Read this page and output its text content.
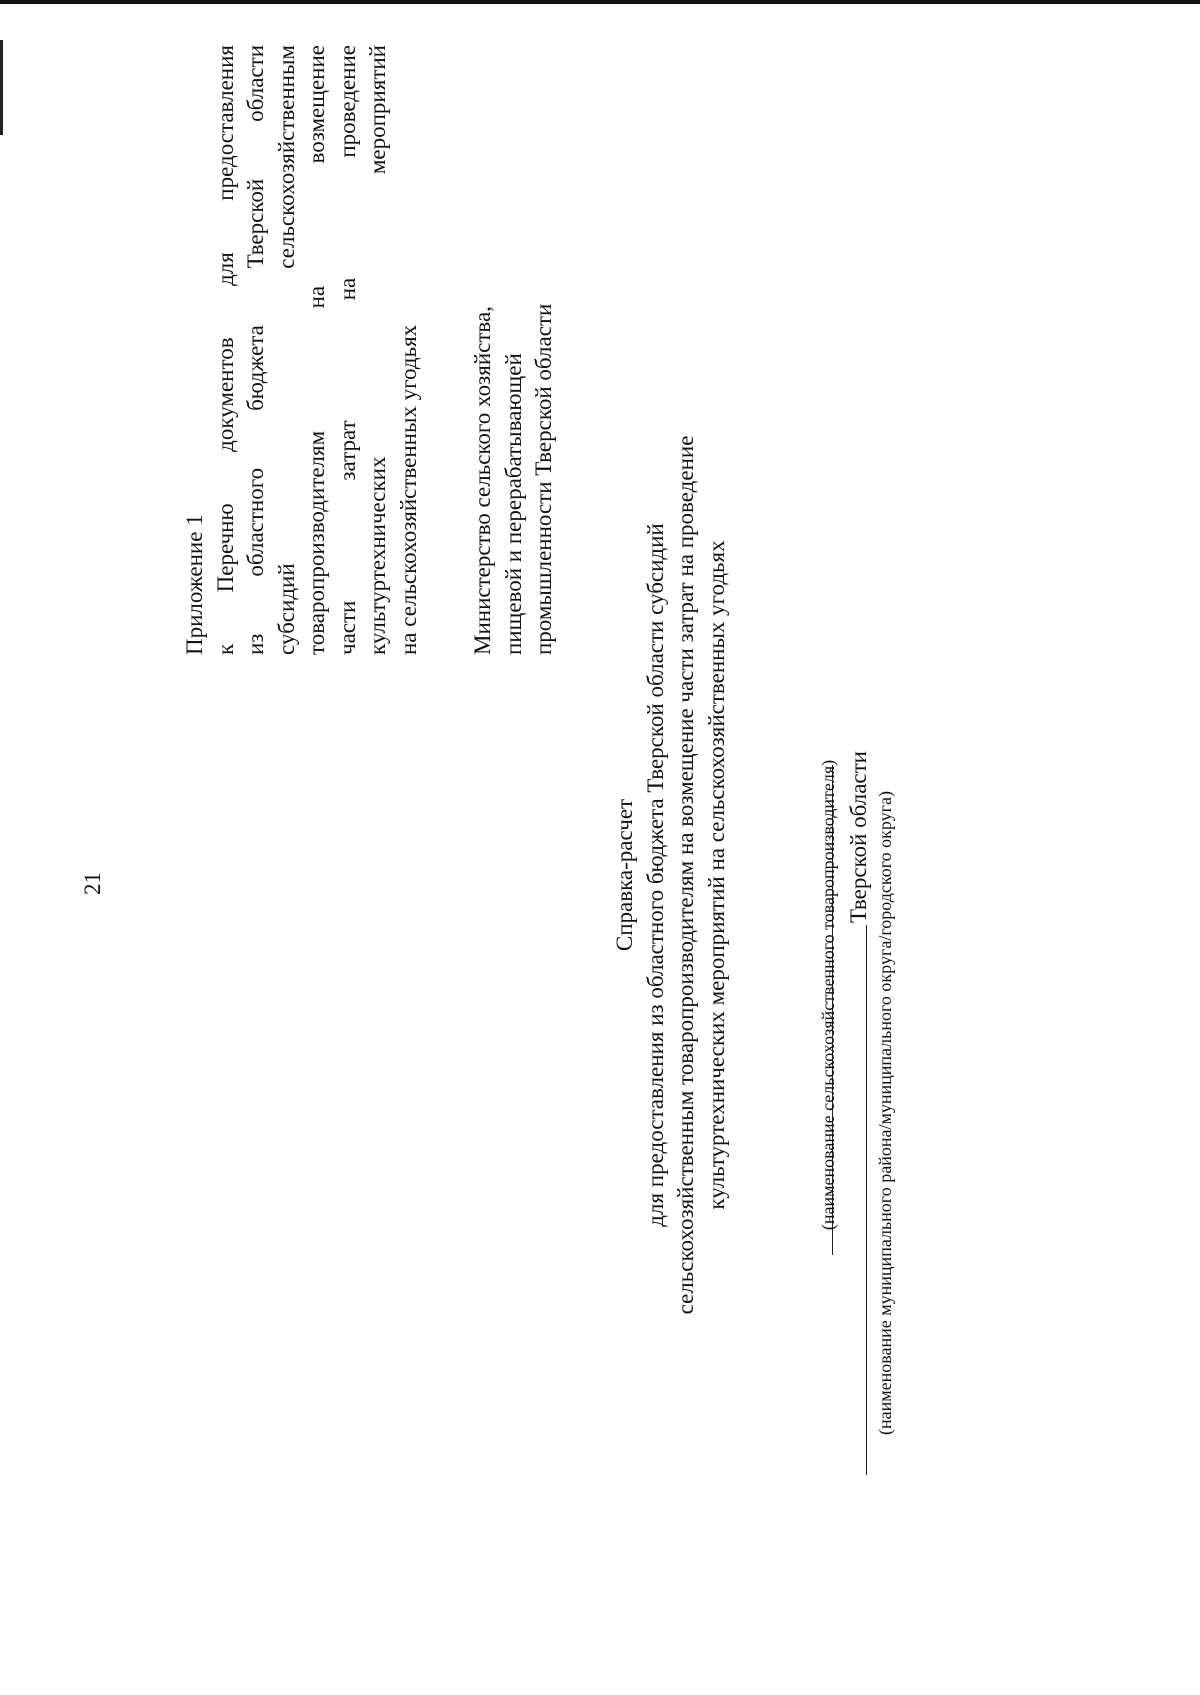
21
Приложение 1 к Перечню документов для предоставления из областного бюджета Тверской области субсидий сельскохозяйственным товаропроизводителям на возмещение части затрат на проведение культуртехнических мероприятий на сельскохозяйственных угодьях Министерство сельского хозяйства, пищевой и перерабатывающей промышленности Тверской области
Справка-расчет для предоставления из областного бюджета Тверской области субсидий сельскохозяйственным товаропроизводителям на возмещение части затрат на проведение культуртехнических мероприятий на сельскохозяйственных угодьях	(наименование сельскохозяйственного товаропроизводителя) Тверской области (наименование муниципального района/муниципального округа/городского округа)
